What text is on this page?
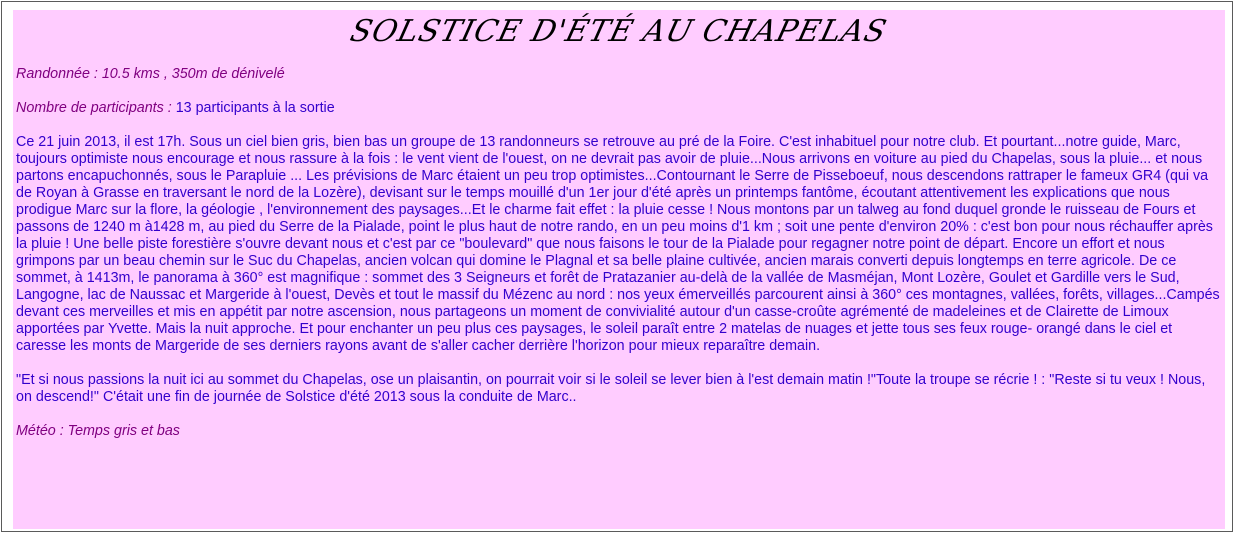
SOLSTICE D'ÉTÉ AU CHAPELAS

Randonnée : 10.5 kms , 350m de dénivelé

Nombre de participants : 13 participants à la sortie

Ce 21 juin 2013, il est 17h. Sous un ciel bien gris, bien bas un groupe de 13 randonneurs se retrouve au pré de la Foire. C'est inhabituel pour notre club. Et pourtant...notre guide, Marc, toujours optimiste nous encourage et nous rassure à la fois : le vent vient de l'ouest, on ne devrait pas avoir de pluie...Nous arrivons en voiture au pied du Chapelas, sous la pluie... et nous partons encapuchonnés, sous le Parapluie ... Les prévisions de Marc étaient un peu trop optimistes...Contournant le Serre de Pisseboeuf, nous descendons rattraper le fameux GR4 (qui va de Royan à Grasse en traversant le nord de la Lozère), devisant sur le temps mouillé d'un 1er jour d'été après un printemps fantôme, écoutant attentivement les explications que nous prodigue Marc sur la flore, la géologie , l'environnement des paysages...Et le charme fait effet : la pluie cesse ! Nous montons par un talweg au fond duquel gronde le ruisseau de Fours et passons de 1240 m à1428 m, au pied du Serre de la Pialade, point le plus haut de notre rando, en un peu moins d'1 km ; soit une pente d'environ 20% : c'est bon pour nous réchauffer après la pluie ! Une belle piste forestière s'ouvre devant nous et c'est par ce "boulevard" que nous faisons le tour de la Pialade pour regagner notre point de départ. Encore un effort et nous grimpons par un beau chemin sur le Suc du Chapelas, ancien volcan qui domine le Plagnal et sa belle plaine cultivée, ancien marais converti depuis longtemps en terre agricole. De ce sommet, à 1413m, le panorama à 360° est magnifique : sommet des 3 Seigneurs et forêt de Pratazanier au-delà de la vallée de Masméjan, Mont Lozère, Goulet et Gardille vers le Sud, Langogne, lac de Naussac et Margeride à l'ouest, Devès et tout le massif du Mézenc au nord : nos yeux émerveillés parcourent ainsi à 360° ces montagnes, vallées, forêts, villages...Campés devant ces merveilles et mis en appétit par notre ascension, nous partageons un moment de convivialité autour d'un casse-croûte agrémenté de madeleines et de Clairette de Limoux apportées par Yvette. Mais la nuit approche. Et pour enchanter un peu plus ces paysages, le soleil paraît entre 2 matelas de nuages et jette tous ses feux rouge- orangé dans le ciel et caresse les monts de Margeride de ses derniers rayons avant de s'aller cacher derrière l'horizon pour mieux reparaître demain.

"Et si nous passions la nuit ici au sommet du Chapelas, ose un plaisantin, on pourrait voir si le soleil se lever bien à l'est demain matin !"Toute la troupe se récrie ! : "Reste si tu veux ! Nous, on descend!" C'était une fin de journée de Solstice d'été 2013 sous la conduite de Marc..

Météo : Temps gris et bas
